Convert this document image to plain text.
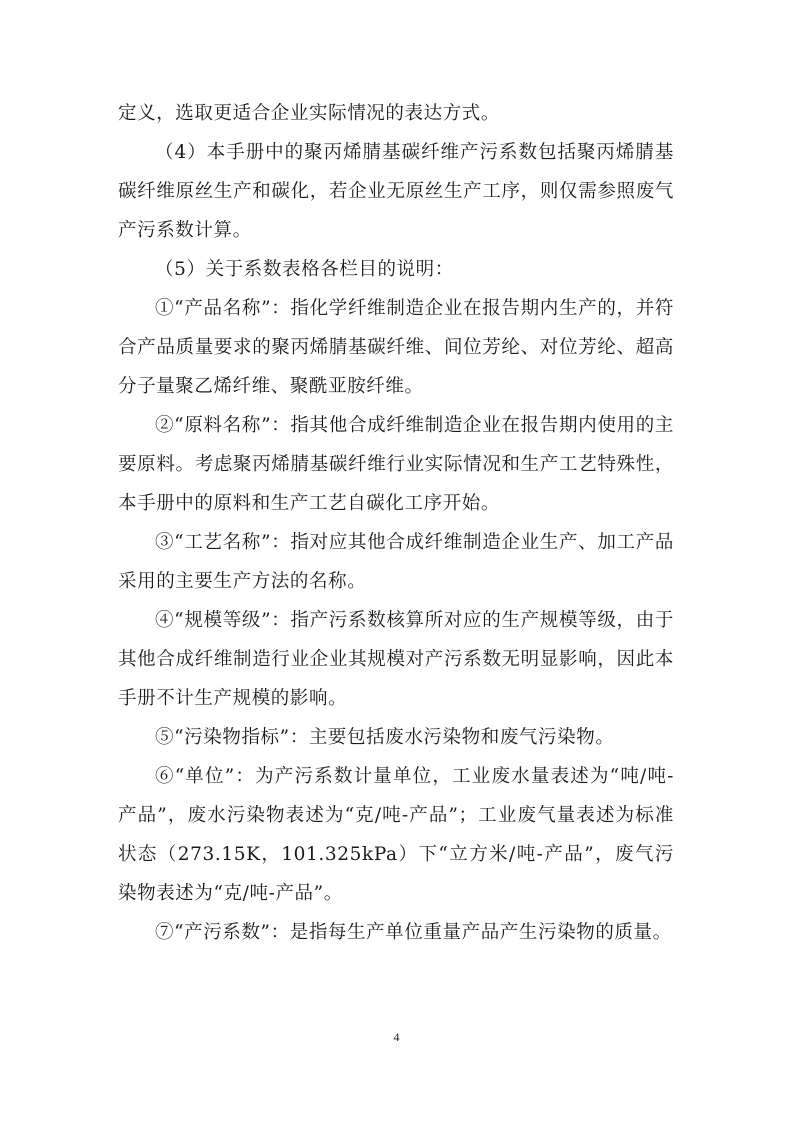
定义，选取更适合企业实际情况的表达方式。

（4）本手册中的聚丙烯腈基碳纤维产污系数包括聚丙烯腈基碳纤维原丝生产和碳化，若企业无原丝生产工序，则仅需参照废气产污系数计算。

（5）关于系数表格各栏目的说明：

①“产品名称”：指化学纤维制造企业在报告期内生产的，并符合产品质量要求的聚丙烯腈基碳纤维、间位芳纶、对位芳纶、超高分子量聚乙烯纤维、聚酰亚胺纤维。

②“原料名称”：指其他合成纤维制造企业在报告期内使用的主要原料。考虑聚丙烯腈基碳纤维行业实际情况和生产工艺特殊性，本手册中的原料和生产工艺自碳化工序开始。

③“工艺名称”：指对应其他合成纤维制造企业生产、加工产品采用的主要生产方法的名称。

④“规模等级”：指产污系数核算所对应的生产规模等级，由于其他合成纤维制造行业企业其规模对产污系数无明显影响，因此本手册不计生产规模的影响。

⑤“污染物指标”：主要包括废水污染物和废气污染物。

⑥“单位”：为产污系数计量单位，工业废水量表述为“吨/吨-产品”，废水污染物表述为“克/吨-产品”；工业废气量表述为标准状态（273.15K，101.325kPa）下“立方米/吨-产品”，废气污染物表述为“克/吨-产品”。

⑦“产污系数”：是指每生产单位重量产品产生污染物的质量。

4
